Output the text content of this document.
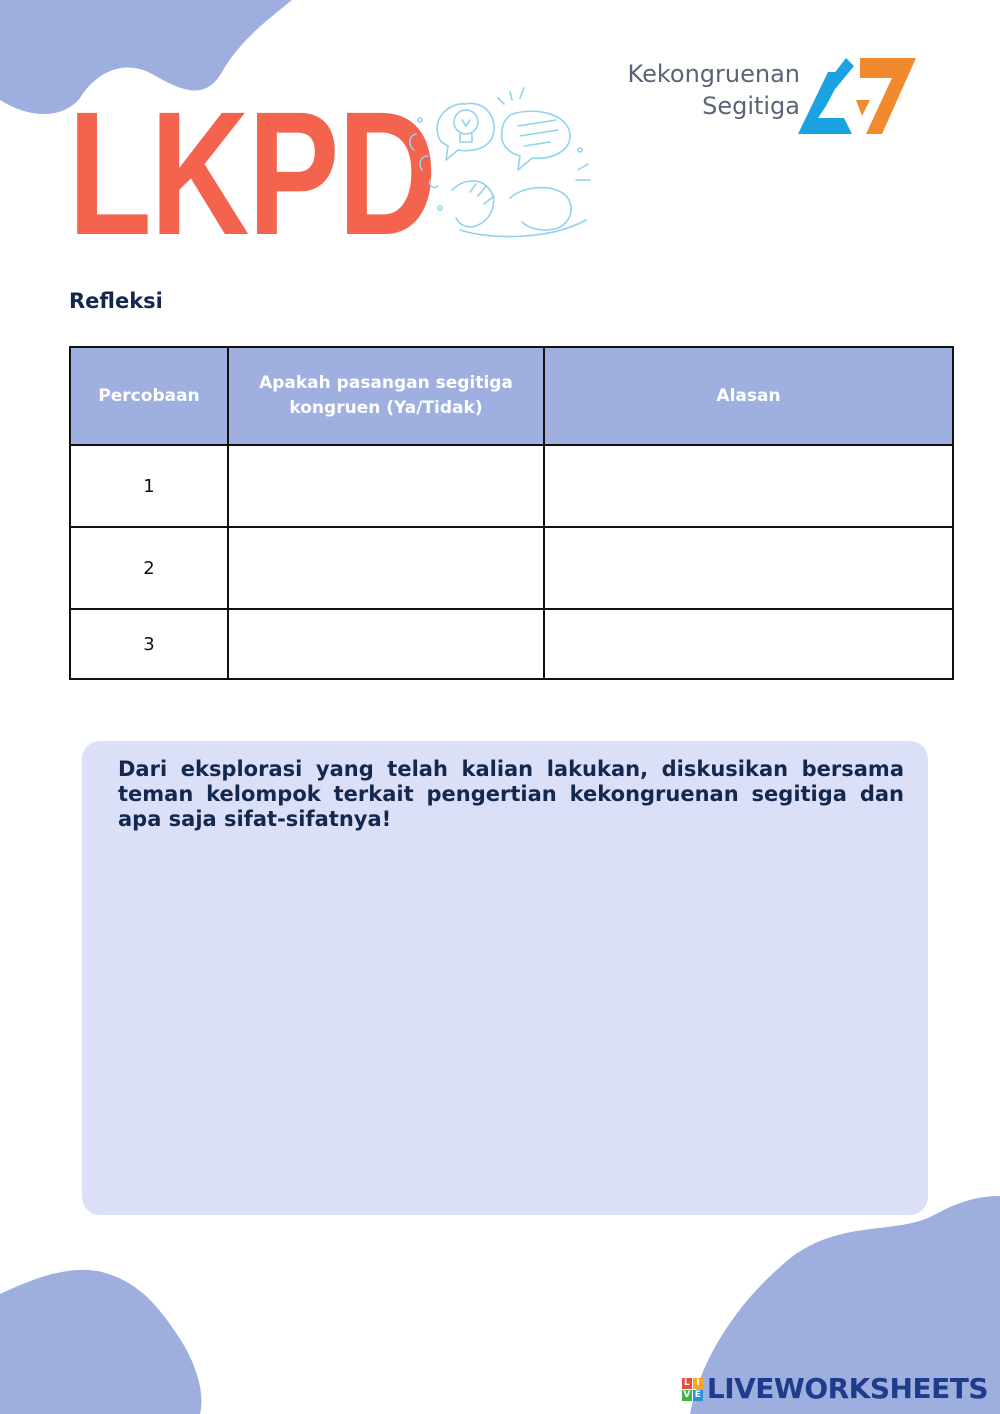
LKPD
Kekongruenan
Segitiga
Refleksi
Percobaan	Apakah pasangan segitiga kongruen (Ya/Tidak)	Alasan
1		
2		
3		

Dari eksplorasi yang telah kalian lakukan, diskusikan bersama teman kelompok terkait pengertian kekongruenan segitiga dan apa saja sifat-sifatnya!

L I
V E LIVEWORKSHEETS
